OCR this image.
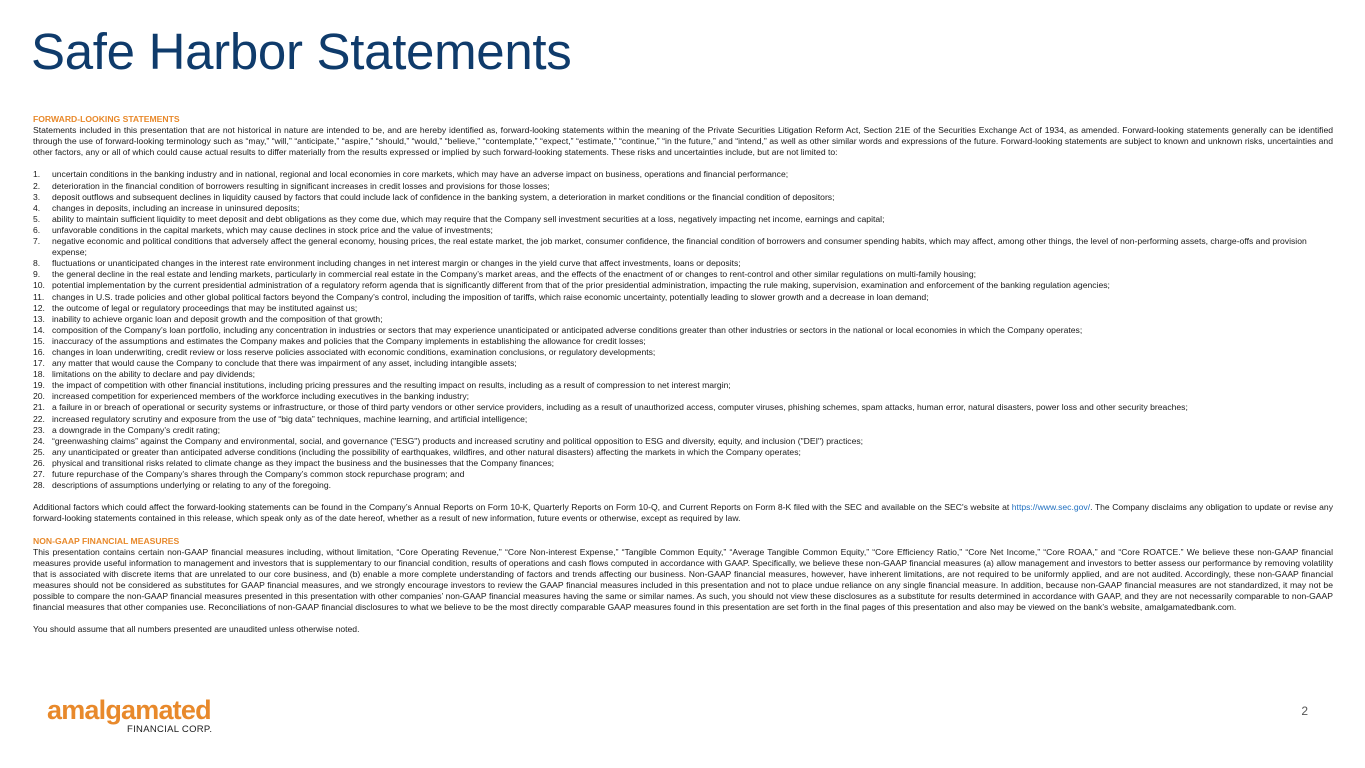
Safe Harbor Statements
FORWARD-LOOKING STATEMENTS

Statements included in this presentation that are not historical in nature are intended to be, and are hereby identified as, forward-looking statements within the meaning of the Private Securities Litigation Reform Act, Section 21E of the Securities Exchange Act of 1934, as amended. Forward-looking statements generally can be identified through the use of forward-looking terminology such as “may,” “will,” “anticipate,” “aspire,” “should,” “would,” “believe,” “contemplate,” “expect,” “estimate,” “continue,” “in the future,” and “intend,” as well as other similar words and expressions of the future. Forward-looking statements are subject to known and unknown risks, uncertainties and other factors, any or all of which could cause actual results to differ materially from the results expressed or implied by such forward-looking statements. These risks and uncertainties include, but are not limited to:

1. uncertain conditions in the banking industry and in national, regional and local economies in core markets, which may have an adverse impact on business, operations and financial performance;
2. deterioration in the financial condition of borrowers resulting in significant increases in credit losses and provisions for those losses;
3. deposit outflows and subsequent declines in liquidity caused by factors that could include lack of confidence in the banking system, a deterioration in market conditions or the financial condition of depositors;
4. changes in deposits, including an increase in uninsured deposits;
5. ability to maintain sufficient liquidity to meet deposit and debt obligations as they come due, which may require that the Company sell investment securities at a loss, negatively impacting net income, earnings and capital;
6. unfavorable conditions in the capital markets, which may cause declines in stock price and the value of investments;
7. negative economic and political conditions that adversely affect the general economy, housing prices, the real estate market, the job market, consumer confidence, the financial condition of borrowers and consumer spending habits, which may affect, among other things, the level of non-performing assets, charge-offs and provision expense;
8. fluctuations or unanticipated changes in the interest rate environment including changes in net interest margin or changes in the yield curve that affect investments, loans or deposits;
9. the general decline in the real estate and lending markets, particularly in commercial real estate in the Company’s market areas, and the effects of the enactment of or changes to rent-control and other similar regulations on multi-family housing;
10. potential implementation by the current presidential administration of a regulatory reform agenda that is significantly different from that of the prior presidential administration, impacting the rule making, supervision, examination and enforcement of the banking regulation agencies;
11. changes in U.S. trade policies and other global political factors beyond the Company’s control, including the imposition of tariffs, which raise economic uncertainty, potentially leading to slower growth and a decrease in loan demand;
12. the outcome of legal or regulatory proceedings that may be instituted against us;
13. inability to achieve organic loan and deposit growth and the composition of that growth;
14. composition of the Company’s loan portfolio, including any concentration in industries or sectors that may experience unanticipated or anticipated adverse conditions greater than other industries or sectors in the national or local economies in which the Company operates;
15. inaccuracy of the assumptions and estimates the Company makes and policies that the Company implements in establishing the allowance for credit losses;
16. changes in loan underwriting, credit review or loss reserve policies associated with economic conditions, examination conclusions, or regulatory developments;
17. any matter that would cause the Company to conclude that there was impairment of any asset, including intangible assets;
18. limitations on the ability to declare and pay dividends;
19. the impact of competition with other financial institutions, including pricing pressures and the resulting impact on results, including as a result of compression to net interest margin;
20. increased competition for experienced members of the workforce including executives in the banking industry;
21. a failure in or breach of operational or security systems or infrastructure, or those of third party vendors or other service providers, including as a result of unauthorized access, computer viruses, phishing schemes, spam attacks, human error, natural disasters, power loss and other security breaches;
22. increased regulatory scrutiny and exposure from the use of “big data” techniques, machine learning, and artificial intelligence;
23. a downgrade in the Company’s credit rating;
24. “greenwashing claims” against the Company and environmental, social, and governance ("ESG") products and increased scrutiny and political opposition to ESG and diversity, equity, and inclusion ("DEI") practices;
25. any unanticipated or greater than anticipated adverse conditions (including the possibility of earthquakes, wildfires, and other natural disasters) affecting the markets in which the Company operates;
26. physical and transitional risks related to climate change as they impact the business and the businesses that the Company finances;
27. future repurchase of the Company’s shares through the Company’s common stock repurchase program; and
28. descriptions of assumptions underlying or relating to any of the foregoing.

Additional factors which could affect the forward-looking statements can be found in the Company’s Annual Reports on Form 10-K, Quarterly Reports on Form 10-Q, and Current Reports on Form 8-K filed with the SEC and available on the SEC's website at https://www.sec.gov/. The Company disclaims any obligation to update or revise any forward-looking statements contained in this release, which speak only as of the date hereof, whether as a result of new information, future events or otherwise, except as required by law.

NON-GAAP FINANCIAL MEASURES

This presentation contains certain non-GAAP financial measures including, without limitation, “Core Operating Revenue,” “Core Non-interest Expense,” “Tangible Common Equity,” “Average Tangible Common Equity,” “Core Efficiency Ratio,” “Core Net Income,” “Core ROAA,” and “Core ROATCE.” We believe these non-GAAP financial measures provide useful information to management and investors that is supplementary to our financial condition, results of operations and cash flows computed in accordance with GAAP. Specifically, we believe these non-GAAP financial measures (a) allow management and investors to better assess our performance by removing volatility that is associated with discrete items that are unrelated to our core business, and (b) enable a more complete understanding of factors and trends affecting our business. Non-GAAP financial measures, however, have inherent limitations, are not required to be uniformly applied, and are not audited. Accordingly, these non-GAAP financial measures should not be considered as substitutes for GAAP financial measures, and we strongly encourage investors to review the GAAP financial measures included in this presentation and not to place undue reliance on any single financial measure. In addition, because non-GAAP financial measures are not standardized, it may not be possible to compare the non-GAAP financial measures presented in this presentation with other companies’ non-GAAP financial measures having the same or similar names. As such, you should not view these disclosures as a substitute for results determined in accordance with GAAP, and they are not necessarily comparable to non-GAAP financial measures that other companies use. Reconciliations of non-GAAP financial disclosures to what we believe to be the most directly comparable GAAP measures found in this presentation are set forth in the final pages of this presentation and also may be viewed on the bank’s website, amalgamatedbank.com.

You should assume that all numbers presented are unaudited unless otherwise noted.

amalgamated
FINANCIAL CORP.
2
